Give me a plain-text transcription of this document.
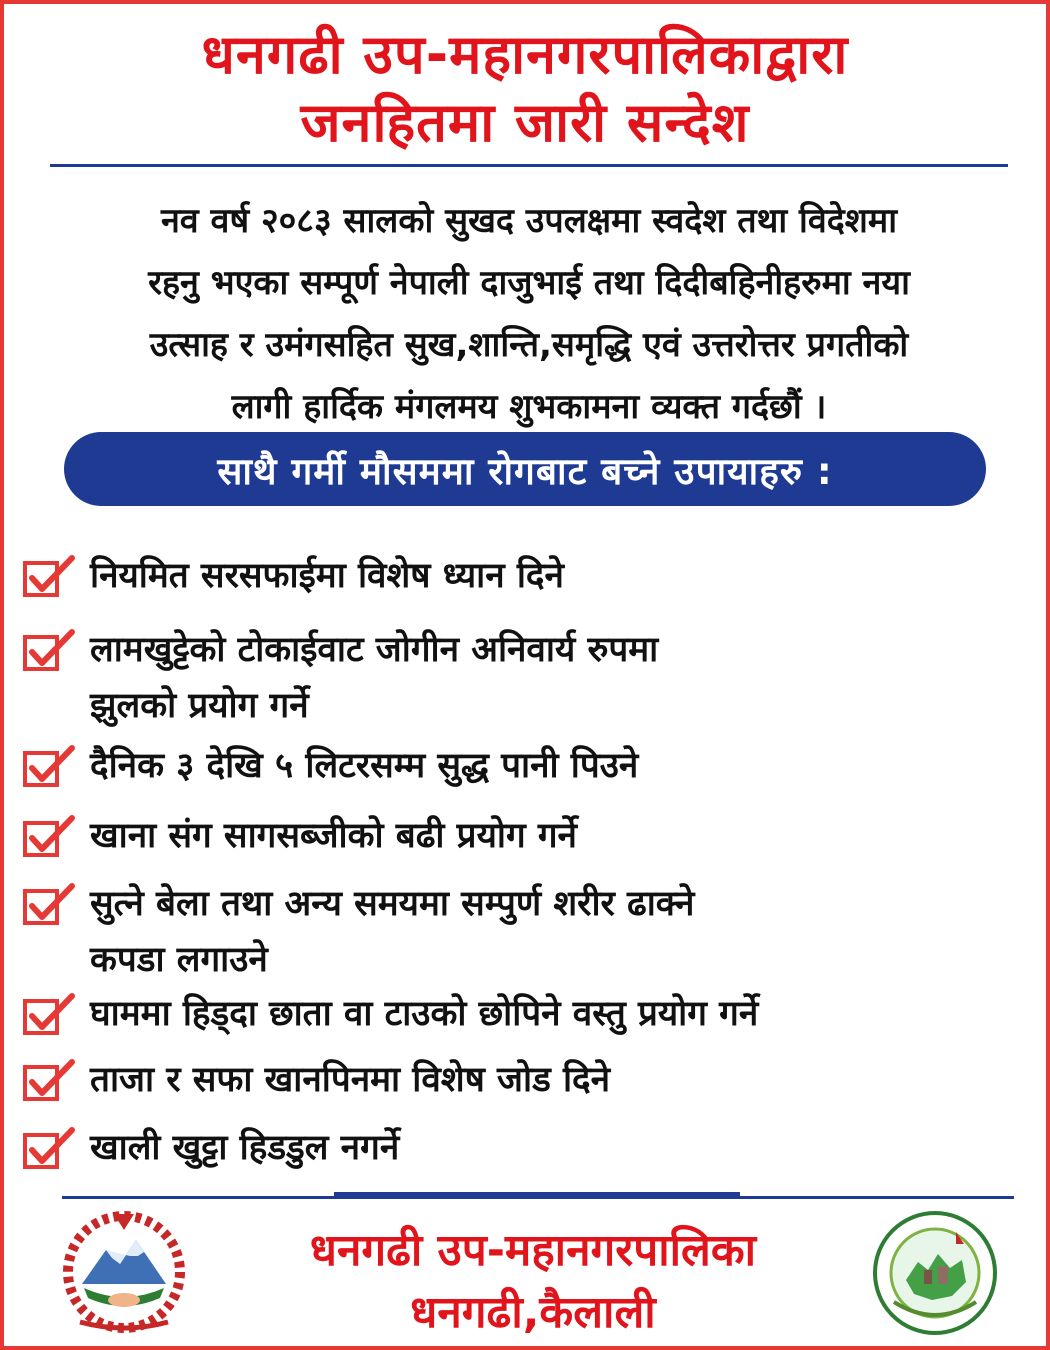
धनगढी उप-महानगरपालिकाद्वारा
जनहितमा जारी सन्देश
नव वर्ष २०८३ सालको सुखद उपलक्षमा स्वदेश तथा विदेशमा
रहनु भएका सम्पूर्ण नेपाली दाजुभाई तथा दिदीबहिनीहरुमा नया
उत्साह र उमंगसहित सुख,शान्ति,समृद्धि एवं उत्तरोत्तर प्रगतीको
लागी हार्दिक मंगलमय शुभकामना व्यक्त गर्दछौं ।
साथै गर्मी मौसममा रोगबाट बच्ने उपायाहरु :
नियमित सरसफाईमा विशेष ध्यान दिने
लामखुट्टेको टोकाईवाट जोगीन अनिवार्य रुपमा
झुलको प्रयोग गर्ने
दैनिक ३ देखि ५ लिटरसम्म सुद्ध पानी पिउने
खाना संग सागसब्जीको बढी प्रयोग गर्ने
सुत्ने बेला तथा अन्य समयमा सम्पुर्ण शरीर ढाक्ने
कपडा लगाउने
घाममा हिड्दा छाता वा टाउको छोपिने वस्तु प्रयोग गर्ने
ताजा र सफा खानपिनमा विशेष जोड दिने
खाली खुट्टा हिडडुल नगर्ने
धनगढी उप-महानगरपालिका
धनगढी,कैलाली
